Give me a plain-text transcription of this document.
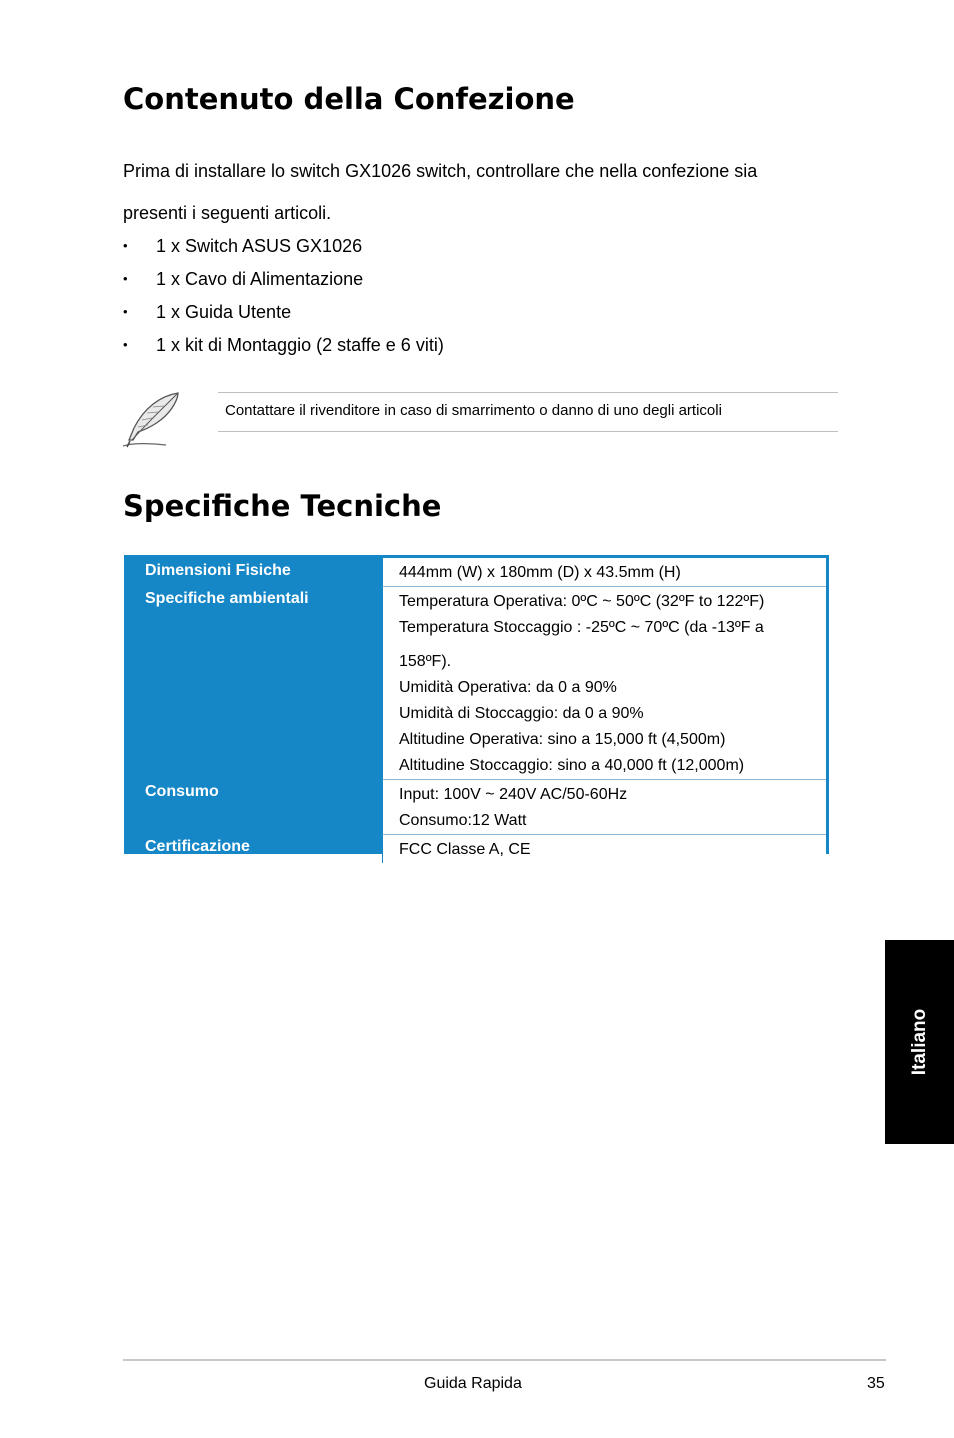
Contenuto della Confezione

Prima di installare lo switch GX1026 switch, controllare che nella confezione sia presenti i seguenti articoli.

• 1 x Switch ASUS GX1026
• 1 x Cavo di Alimentazione
• 1 x Guida Utente
• 1 x kit di Montaggio (2 staffe e 6 viti)
Contattare il rivenditore in caso di smarrimento o danno di uno degli articoli
Specifiche Tecniche
Dimensioni Fisiche	444mm (W) x 180mm (D) x 43.5mm (H)
Specifiche ambientali	Temperatura Operativa: 0ºC ~ 50ºC (32ºF to 122ºF)
Temperatura Stoccaggio : -25ºC ~ 70ºC (da -13ºF a
158ºF).
Umidità Operativa: da 0 a 90%
Umidità di Stoccaggio: da 0 a 90%
Altitudine Operativa: sino a 15,000 ft (4,500m)
Altitudine Stoccaggio: sino a 40,000 ft (12,000m)
Consumo	Input: 100V ~ 240V AC/50-60Hz
Consumo:12 Watt
Certificazione	FCC Classe A, CE
Italiano
Guida Rapida	35
